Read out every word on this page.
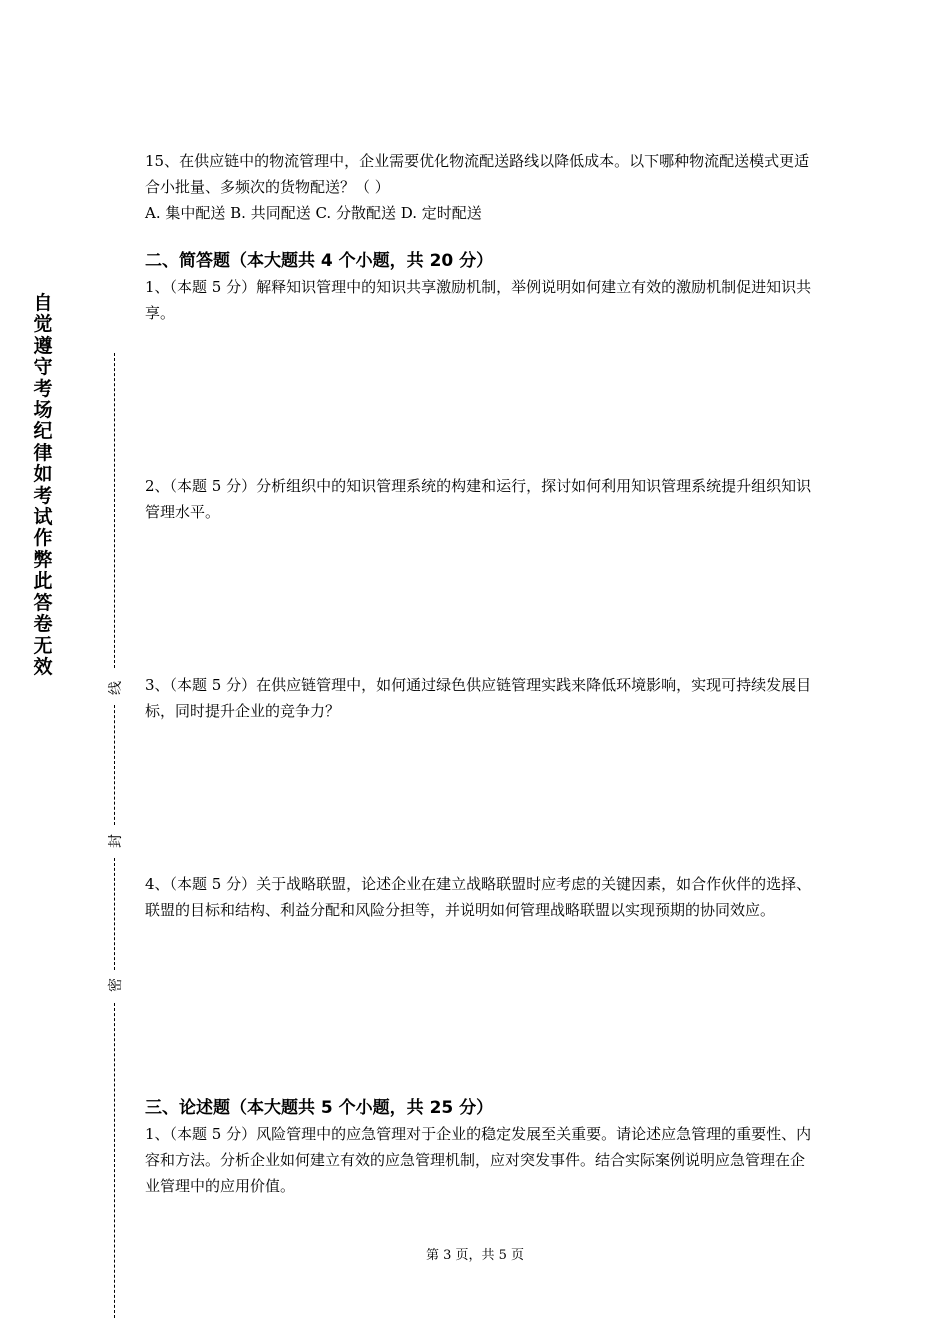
自
觉
遵
守
考
场
纪
律
如
考
试
作
弊
此
答
卷
无
效
线
封
密

15、在供应链中的物流管理中，企业需要优化物流配送路线以降低成本。以下哪种物流配送模式更适合小批量、多频次的货物配送？（ ）

A. 集中配送 B. 共同配送 C. 分散配送 D. 定时配送

二、简答题（本大题共 4 个小题，共 20 分）

1、（本题 5 分）解释知识管理中的知识共享激励机制，举例说明如何建立有效的激励机制促进知识共享。

2、（本题 5 分）分析组织中的知识管理系统的构建和运行，探讨如何利用知识管理系统提升组织知识管理水平。

3、（本题 5 分）在供应链管理中，如何通过绿色供应链管理实践来降低环境影响，实现可持续发展目标，同时提升企业的竞争力？

4、（本题 5 分）关于战略联盟，论述企业在建立战略联盟时应考虑的关键因素，如合作伙伴的选择、联盟的目标和结构、利益分配和风险分担等，并说明如何管理战略联盟以实现预期的协同效应。

三、论述题（本大题共 5 个小题，共 25 分）

1、（本题 5 分）风险管理中的应急管理对于企业的稳定发展至关重要。请论述应急管理的重要性、内容和方法。分析企业如何建立有效的应急管理机制，应对突发事件。结合实际案例说明应急管理在企业管理中的应用价值。

第 3 页，共 5 页
